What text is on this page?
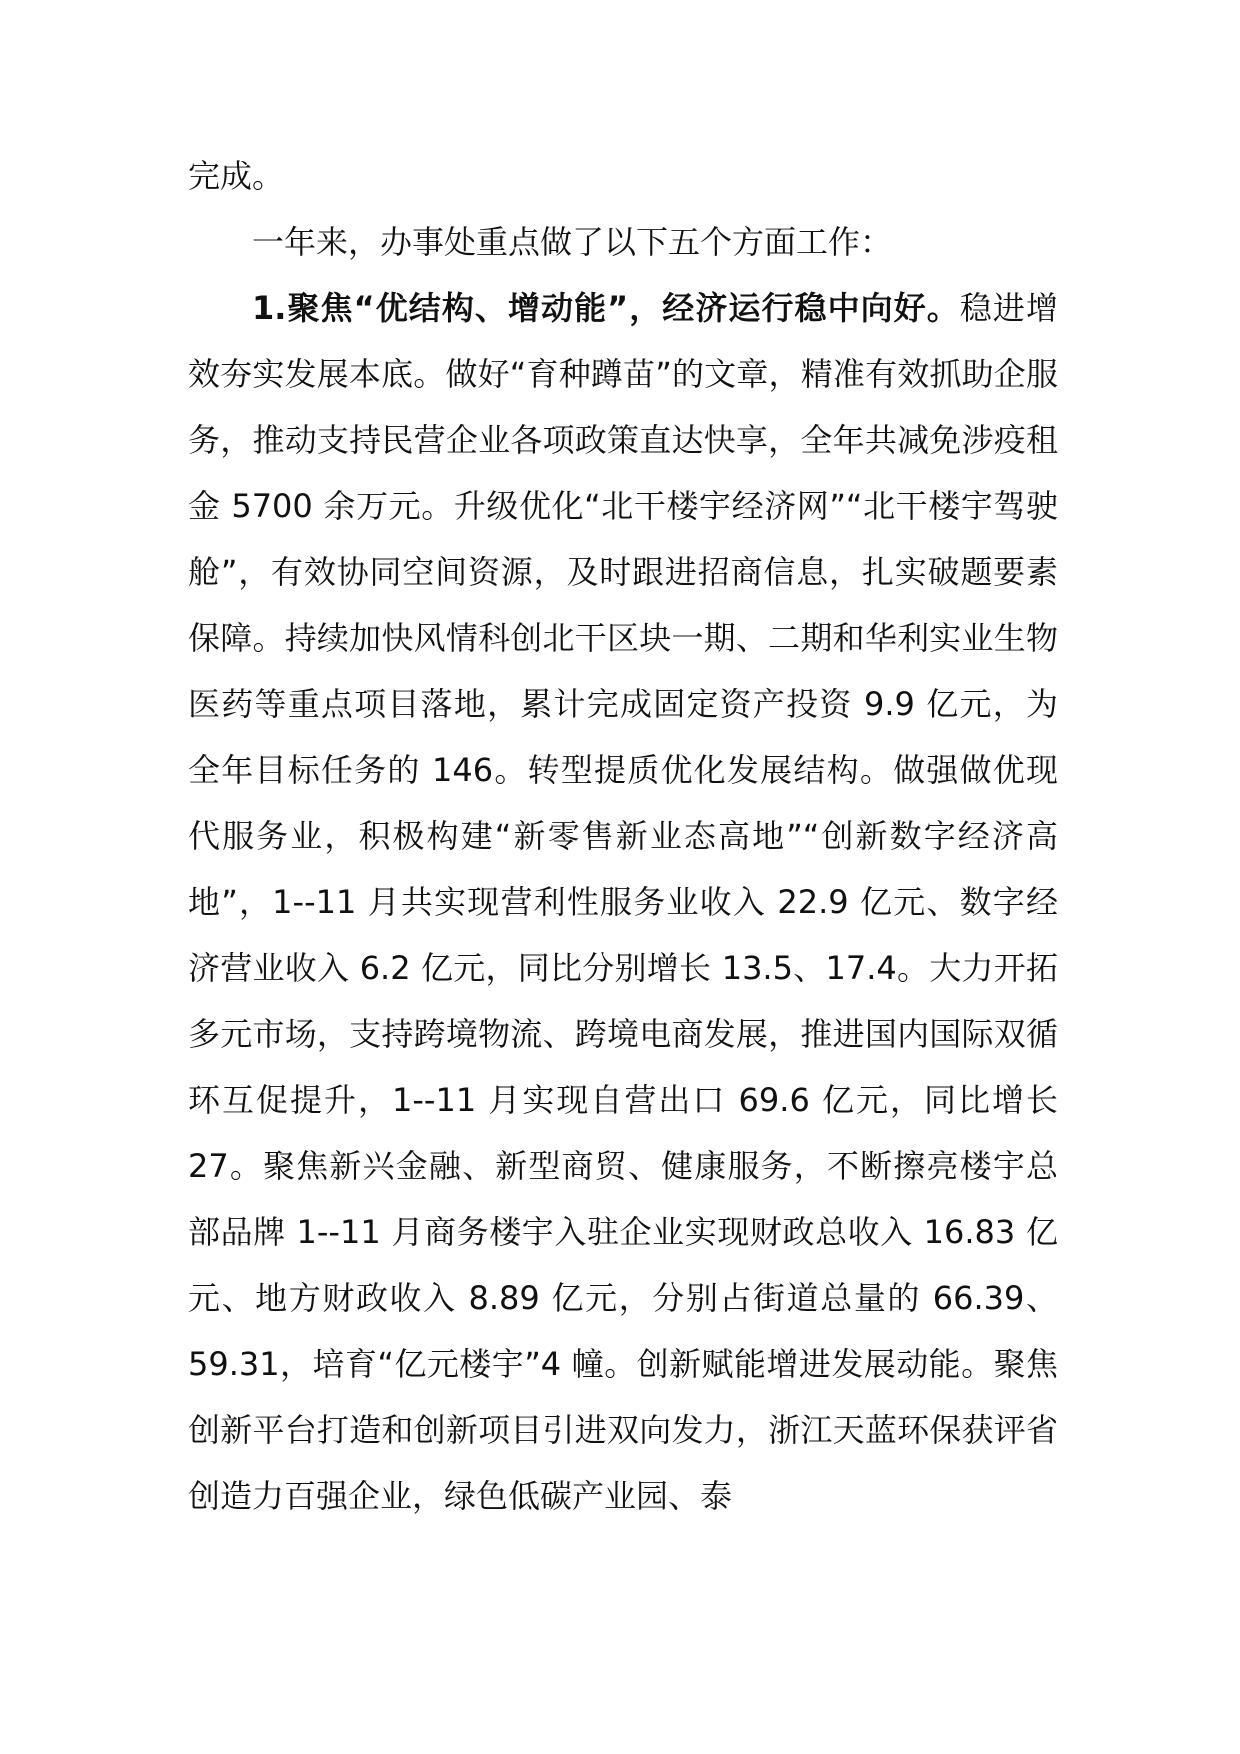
完成。

一年来，办事处重点做了以下五个方面工作：

1.聚焦“优结构、增动能”，经济运行稳中向好。稳进增效夯实发展本底。做好“育种蹲苗”的文章，精准有效抓助企服务，推动支持民营企业各项政策直达快享，全年共减免涉疫租金 5700 余万元。升级优化“北干楼宇经济网”“北干楼宇驾驶舱”，有效协同空间资源，及时跟进招商信息，扎实破题要素保障。持续加快风情科创北干区块一期、二期和华利实业生物医药等重点项目落地，累计完成固定资产投资 9.9 亿元，为全年目标任务的 146。转型提质优化发展结构。做强做优现代服务业，积极构建“新零售新业态高地”“创新数字经济高地”，1--11 月共实现营利性服务业收入 22.9 亿元、数字经济营业收入 6.2 亿元，同比分别增长 13.5、17.4。大力开拓多元市场，支持跨境物流、跨境电商发展，推进国内国际双循环互促提升，1--11 月实现自营出口 69.6 亿元，同比增长 27。聚焦新兴金融、新型商贸、健康服务，不断擦亮楼宇总部品牌 1--11 月商务楼宇入驻企业实现财政总收入 16.83 亿元、地方财政收入 8.89 亿元，分别占街道总量的 66.39、59.31，培育“亿元楼宇”4 幢。创新赋能增进发展动能。聚焦创新平台打造和创新项目引进双向发力，浙江天蓝环保获评省创造力百强企业，绿色低碳产业园、泰
